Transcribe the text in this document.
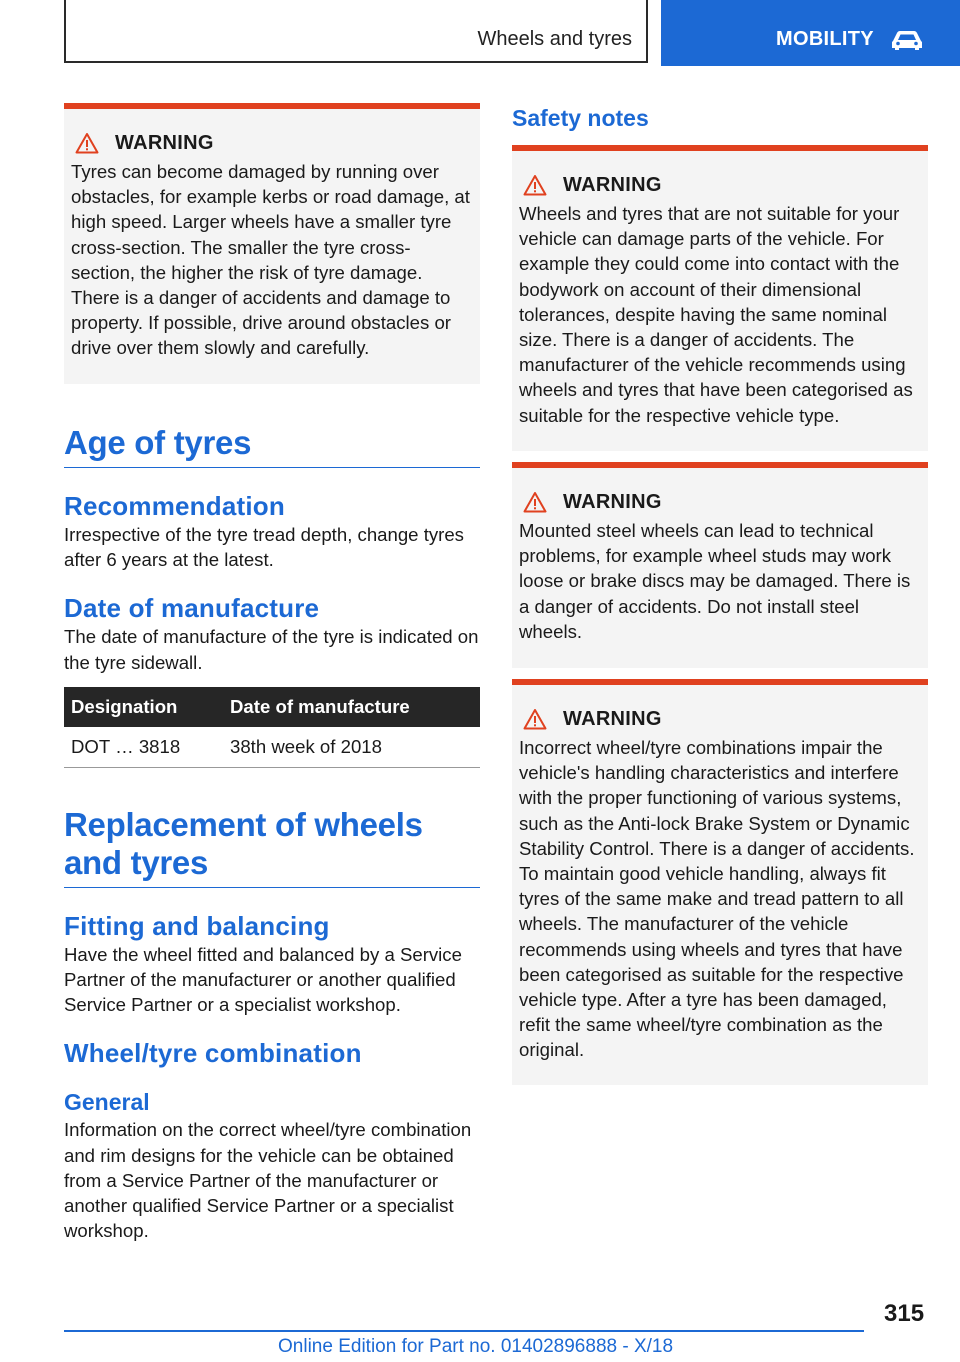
Wheels and tyres	MOBILITY
WARNING

Tyres can become damaged by running over obstacles, for example kerbs or road damage, at high speed. Larger wheels have a smaller tyre cross-section. The smaller the tyre cross-section, the higher the risk of tyre damage. There is a danger of accidents and damage to property. If possible, drive around obstacles or drive over them slowly and carefully.

Age of tyres
Recommendation

Irrespective of the tyre tread depth, change tyres after 6 years at the latest.

Date of manufacture

The date of manufacture of the tyre is indicated on the tyre sidewall.

Designation	Date of manufacture
DOT … 3818	38th week of 2018
Replacement of wheels and tyres
Fitting and balancing

Have the wheel fitted and balanced by a Service Partner of the manufacturer or another qualified Service Partner or a specialist workshop.

Wheel/tyre combination
General

Information on the correct wheel/tyre combination and rim designs for the vehicle can be obtained from a Service Partner of the manufacturer or another qualified Service Partner or a specialist workshop.

Safety notes
WARNING

Wheels and tyres that are not suitable for your vehicle can damage parts of the vehicle. For example they could come into contact with the bodywork on account of their dimensional tolerances, despite having the same nominal size. There is a danger of accidents. The manufacturer of the vehicle recommends using wheels and tyres that have been categorised as suitable for the respective vehicle type.

WARNING

Mounted steel wheels can lead to technical problems, for example wheel studs may work loose or brake discs may be damaged. There is a danger of accidents. Do not install steel wheels.

WARNING

Incorrect wheel/tyre combinations impair the vehicle's handling characteristics and interfere with the proper functioning of various systems, such as the Anti-lock Brake System or Dynamic Stability Control. There is a danger of accidents. To maintain good vehicle handling, always fit tyres of the same make and tread pattern to all wheels. The manufacturer of the vehicle recommends using wheels and tyres that have been categorised as suitable for the respective vehicle type. After a tyre has been damaged, refit the same wheel/tyre combination as the original.

315
Online Edition for Part no. 01402896888 - X/18
